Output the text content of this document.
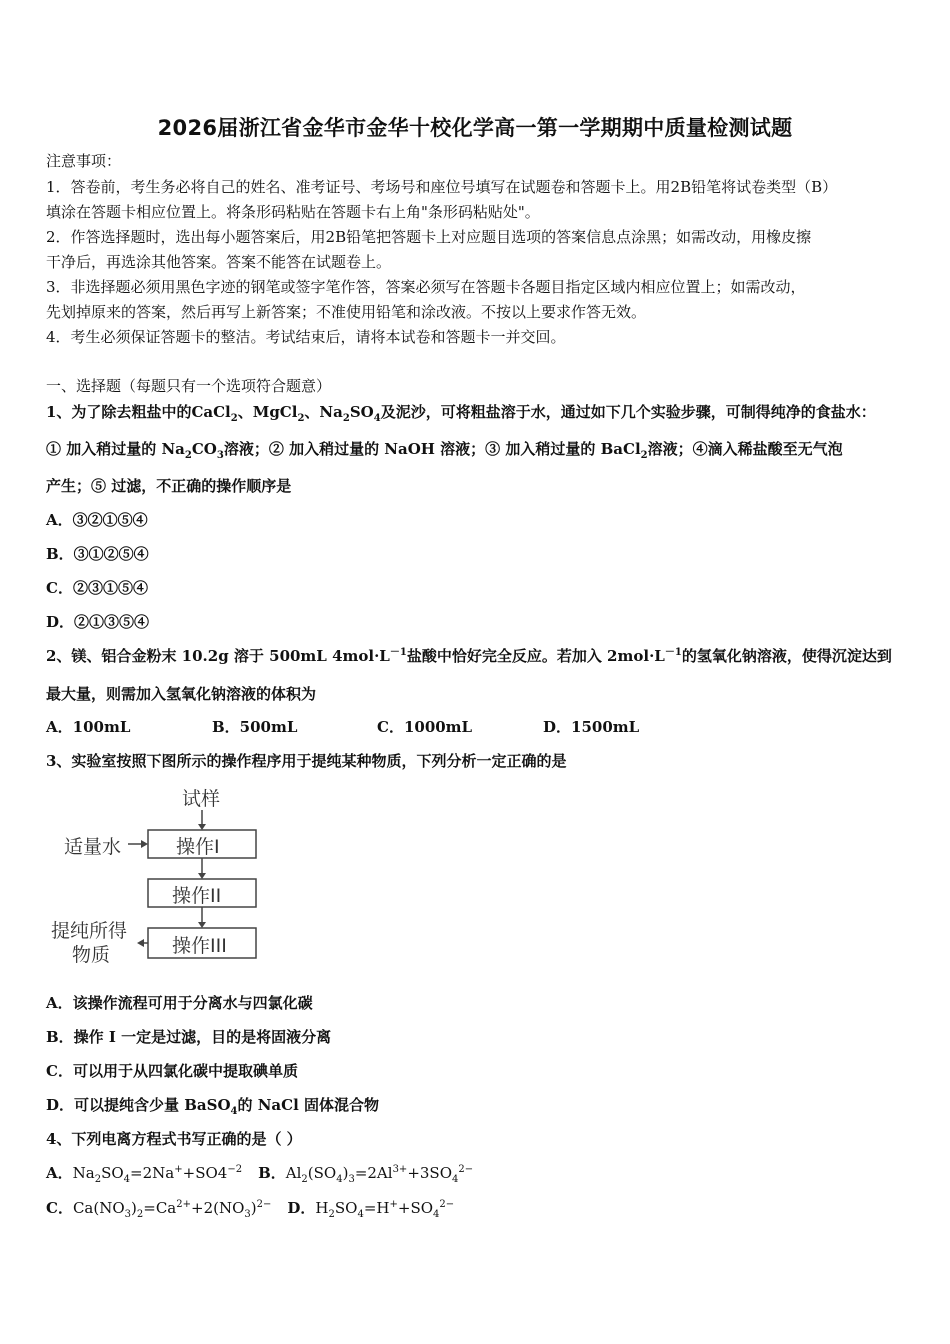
2026届浙江省金华市金华十校化学高一第一学期期中质量检测试题
注意事项：
1．答卷前，考生务必将自己的姓名、准考证号、考场号和座位号填写在试题卷和答题卡上。用2B铅笔将试卷类型（B）
填涂在答题卡相应位置上。将条形码粘贴在答题卡右上角"条形码粘贴处"。
2．作答选择题时，选出每小题答案后，用2B铅笔把答题卡上对应题目选项的答案信息点涂黑；如需改动，用橡皮擦
干净后，再选涂其他答案。答案不能答在试题卷上。
3．非选择题必须用黑色字迹的钢笔或签字笔作答，答案必须写在答题卡各题目指定区域内相应位置上；如需改动，
先划掉原来的答案，然后再写上新答案；不准使用铅笔和涂改液。不按以上要求作答无效。
4．考生必须保证答题卡的整洁。考试结束后，请将本试卷和答题卡一并交回。
一、选择题（每题只有一个选项符合题意）
1、为了除去粗盐中的CaCl$_2$、MgCl$_2$、$Na_2SO_4$及泥沙，可将粗盐溶于水，通过如下几个实验步骤，可制得纯净的食盐水：
① 加入稍过量的 $Na_2CO_3$溶液；② 加入稍过量的 NaOH 溶液；③ 加入稍过量的 BaCl$_2$溶液；④滴入稀盐酸至无气泡
产生；⑤ 过滤，不正确的操作顺序是
A．③②①⑤④
B．③①②⑤④
C．②③①⑤④
D．②①③⑤④
2、镁、铝合金粉末 10.2g 溶于 500mL $4mol\cdot L^{-1}$盐酸中恰好完全反应。若加入 $2mol\cdot L^{-1}$的氢氧化钠溶液，使得沉淀达到
最大量，则需加入氢氧化钠溶液的体积为
A．100mL	B．500mL	C．1000mL	D．1500mL
3、实验室按照下图所示的操作程序用于提纯某种物质，下列分析一定正确的是
试样
适量水	操作I
操作II
操作III
提纯所得
物质
A．该操作流程可用于分离水与四氯化碳
B．操作 I 一定是过滤，目的是将固液分离
C．可以用于从四氯化碳中提取碘单质
D．可以提纯含少量 BaSO$_4$的 NaCl 固体混合物
4、下列电离方程式书写正确的是（ ）
A．$Na_2SO_4=2Na^++SO4^{-2}$ B．$Al_2(SO_4)_3=2Al^{3+}+3SO_4^{2-}$
C．$Ca(NO_3)_2=Ca^{2+}+2(NO_3)^{2-}$ D．$H_2SO_4=H^++SO_4^{2-}$
